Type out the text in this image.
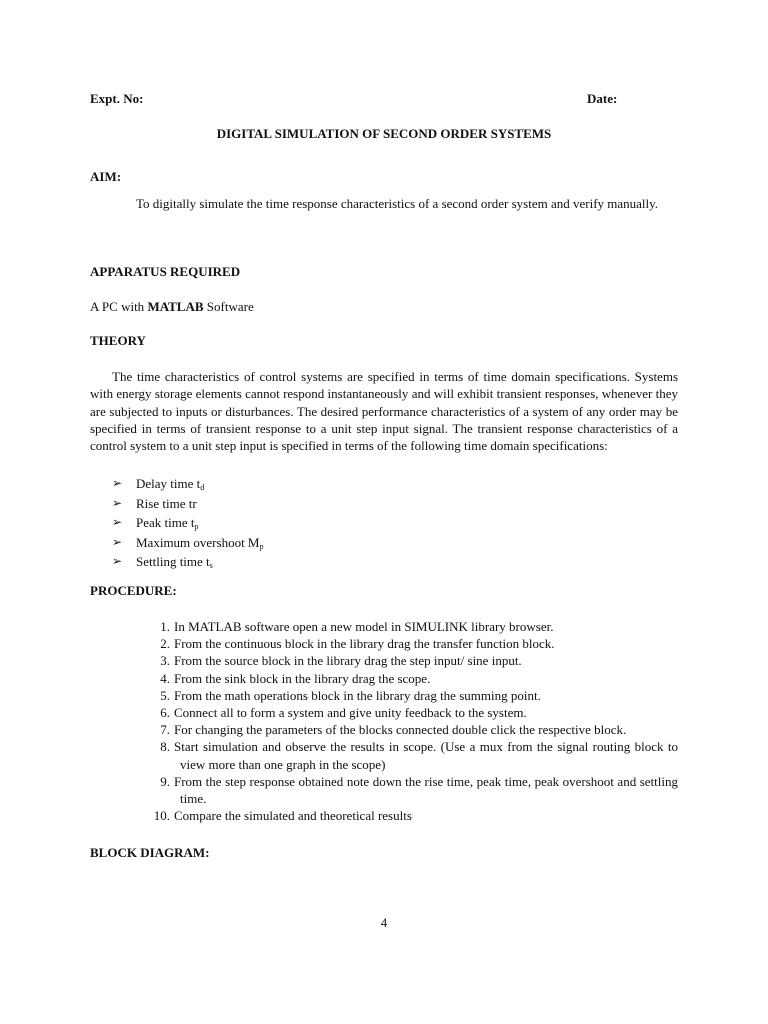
Expt. No:	Date:
DIGITAL SIMULATION OF SECOND ORDER SYSTEMS
AIM:
To digitally simulate the time response characteristics of a second order system and verify manually.
APPARATUS REQUIRED
A PC with MATLAB Software
THEORY
The time characteristics of control systems are specified in terms of time domain specifications. Systems with energy storage elements cannot respond instantaneously and will exhibit transient responses, whenever they are subjected to inputs or disturbances. The desired performance characteristics of a system of any order may be specified in terms of transient response to a unit step input signal. The transient response characteristics of a control system to a unit step input is specified in terms of the following time domain specifications:
➢ Delay time $t_d$
➢ Rise time tr
➢ Peak time $t_p$
➢ Maximum overshoot $M_p$
➢ Settling time $t_s$
PROCEDURE:
1. In MATLAB software open a new model in SIMULINK library browser.
2. From the continuous block in the library drag the transfer function block.
3. From the source block in the library drag the step input/ sine input.
4. From the sink block in the library drag the scope.
5. From the math operations block in the library drag the summing point.
6. Connect all to form a system and give unity feedback to the system.
7. For changing the parameters of the blocks connected double click the respective block.
8. Start simulation and observe the results in scope. (Use a mux from the signal routing block to view more than one graph in the scope)
9. From the step response obtained note down the rise time, peak time, peak overshoot and settling time.
10. Compare the simulated and theoretical results
BLOCK DIAGRAM:
4
